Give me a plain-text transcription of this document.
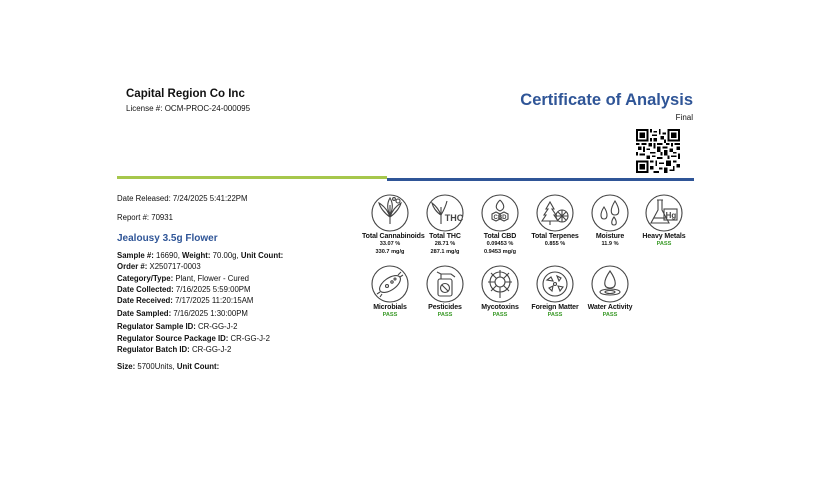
Capital Region Co Inc
License #: OCM-PROC-24-000095	Certificate of Analysis
Final
Date Released: 7/24/2025 5:41:22PM
Report #: 70931
Jealousy 3.5g Flower
Sample #: 16690, Weight: 70.00g, Unit Count:
Order #: X250717-0003
Category/Type: Plant, Flower - Cured
Date Collected: 7/16/2025 5:59:00PM
Date Received: 7/17/2025 11:20:15AM
Date Sampled: 7/16/2025 1:30:00PM
Regulator Sample ID: CR-GG-J-2
Regulator Source Package ID: CR-GG-J-2
Regulator Batch ID: CR-GG-J-2
Size: 5700Units, Unit Count:
Total Cannabinoids
33.07 %
330.7 mg/g
THC
Total THC
28.71 %
287.1 mg/g
CBD
Total CBD
0.09453 %
0.9453 mg/g
Total Terpenes
0.855 %
Moisture
11.9 %
Hg
Heavy Metals
PASS
Microbials
PASS
Pesticides
PASS
Mycotoxins
PASS
Foreign Matter
PASS
Water Activity
PASS
